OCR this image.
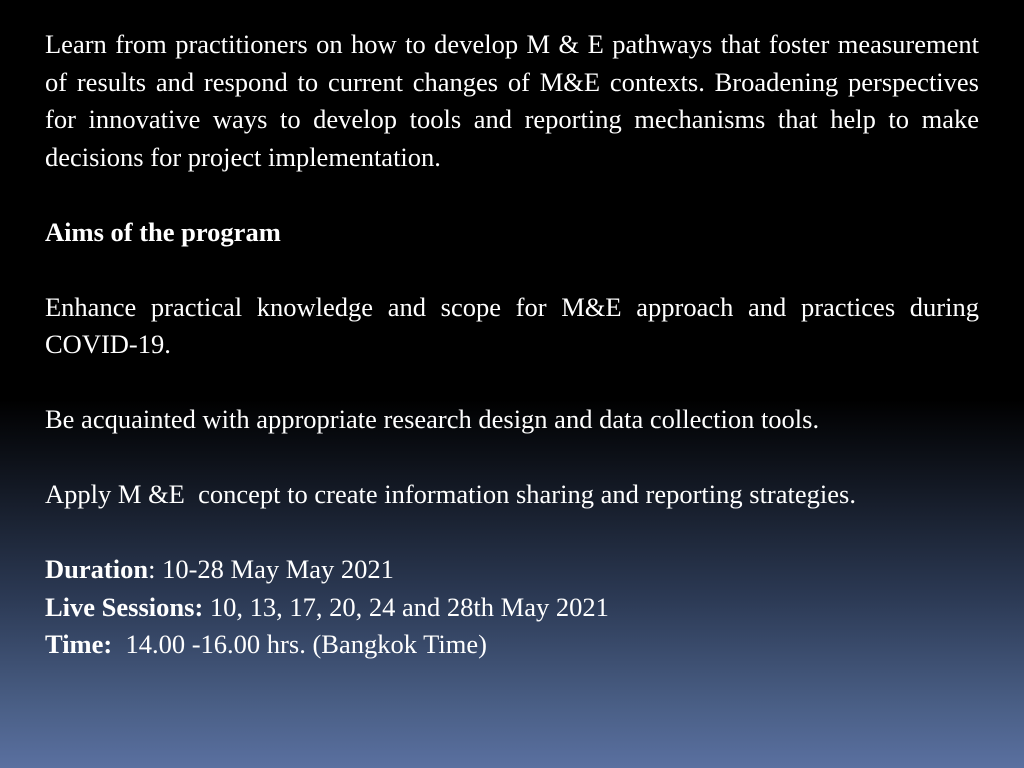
Learn from practitioners on how to develop M & E pathways that foster measurement of results and respond to current changes of M&E contexts. Broadening perspectives for innovative ways to develop tools and reporting mechanisms that help to make decisions for project implementation.

Aims of the program

Enhance practical knowledge and scope for M&E approach and practices during COVID-19.

Be acquainted with appropriate research design and data collection tools.

Apply M &E  concept to create information sharing and reporting strategies.

Duration: 10-28 May May 2021

Live Sessions: 10, 13, 17, 20, 24 and 28th May 2021

Time:  14.00 -16.00 hrs. (Bangkok Time)
